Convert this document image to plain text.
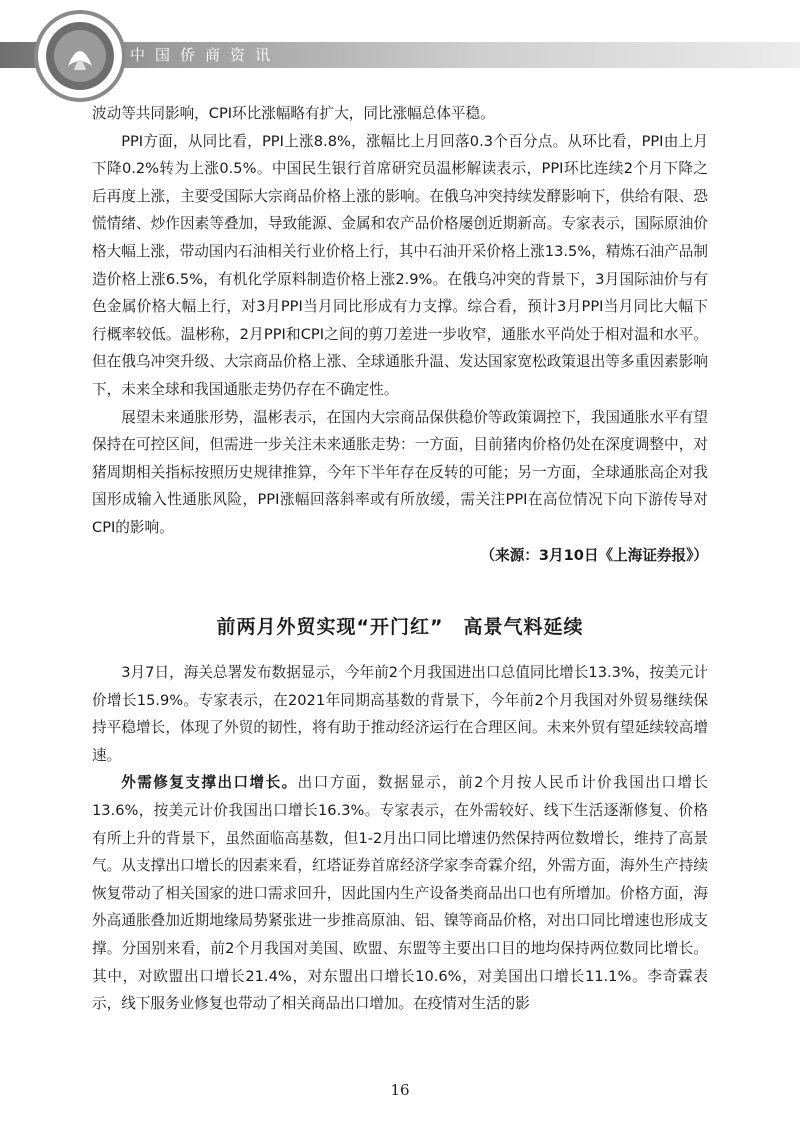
中国侨商资讯

波动等共同影响，CPI环比涨幅略有扩大，同比涨幅总体平稳。

PPI方面，从同比看，PPI上涨8.8%，涨幅比上月回落0.3个百分点。从环比看，PPI由上月下降0.2%转为上涨0.5%。中国民生银行首席研究员温彬解读表示，PPI环比连续2个月下降之后再度上涨，主要受国际大宗商品价格上涨的影响。在俄乌冲突持续发酵影响下，供给有限、恐慌情绪、炒作因素等叠加，导致能源、金属和农产品价格屡创近期新高。专家表示，国际原油价格大幅上涨，带动国内石油相关行业价格上行，其中石油开采价格上涨13.5%，精炼石油产品制造价格上涨6.5%，有机化学原料制造价格上涨2.9%。在俄乌冲突的背景下，3月国际油价与有色金属价格大幅上行，对3月PPI当月同比形成有力支撑。综合看，预计3月PPI当月同比大幅下行概率较低。温彬称，2月PPI和CPI之间的剪刀差进一步收窄，通胀水平尚处于相对温和水平。但在俄乌冲突升级、大宗商品价格上涨、全球通胀升温、发达国家宽松政策退出等多重因素影响下，未来全球和我国通胀走势仍存在不确定性。

展望未来通胀形势，温彬表示，在国内大宗商品保供稳价等政策调控下，我国通胀水平有望保持在可控区间，但需进一步关注未来通胀走势：一方面，目前猪肉价格仍处在深度调整中，对猪周期相关指标按照历史规律推算，今年下半年存在反转的可能；另一方面，全球通胀高企对我国形成输入性通胀风险，PPI涨幅回落斜率或有所放缓，需关注PPI在高位情况下向下游传导对CPI的影响。

（来源：3月10日《上海证券报》）
前两月外贸实现“开门红”　高景气料延续

3月7日，海关总署发布数据显示，今年前2个月我国进出口总值同比增长13.3%，按美元计价增长15.9%。专家表示，在2021年同期高基数的背景下，今年前2个月我国对外贸易继续保持平稳增长，体现了外贸的韧性，将有助于推动经济运行在合理区间。未来外贸有望延续较高增速。

外需修复支撑出口增长。出口方面，数据显示，前2个月按人民币计价我国出口增长13.6%，按美元计价我国出口增长16.3%。专家表示，在外需较好、线下生活逐渐修复、价格有所上升的背景下，虽然面临高基数，但1-2月出口同比增速仍然保持两位数增长，维持了高景气。从支撑出口增长的因素来看，红塔证券首席经济学家李奇霖介绍，外需方面，海外生产持续恢复带动了相关国家的进口需求回升，因此国内生产设备类商品出口也有所增加。价格方面，海外高通胀叠加近期地缘局势紧张进一步推高原油、铝、镍等商品价格，对出口同比增速也形成支撑。分国别来看，前2个月我国对美国、欧盟、东盟等主要出口目的地均保持两位数同比增长。其中，对欧盟出口增长21.4%，对东盟出口增长10.6%，对美国出口增长11.1%。李奇霖表示，线下服务业修复也带动了相关商品出口增加。在疫情对生活的影

16
